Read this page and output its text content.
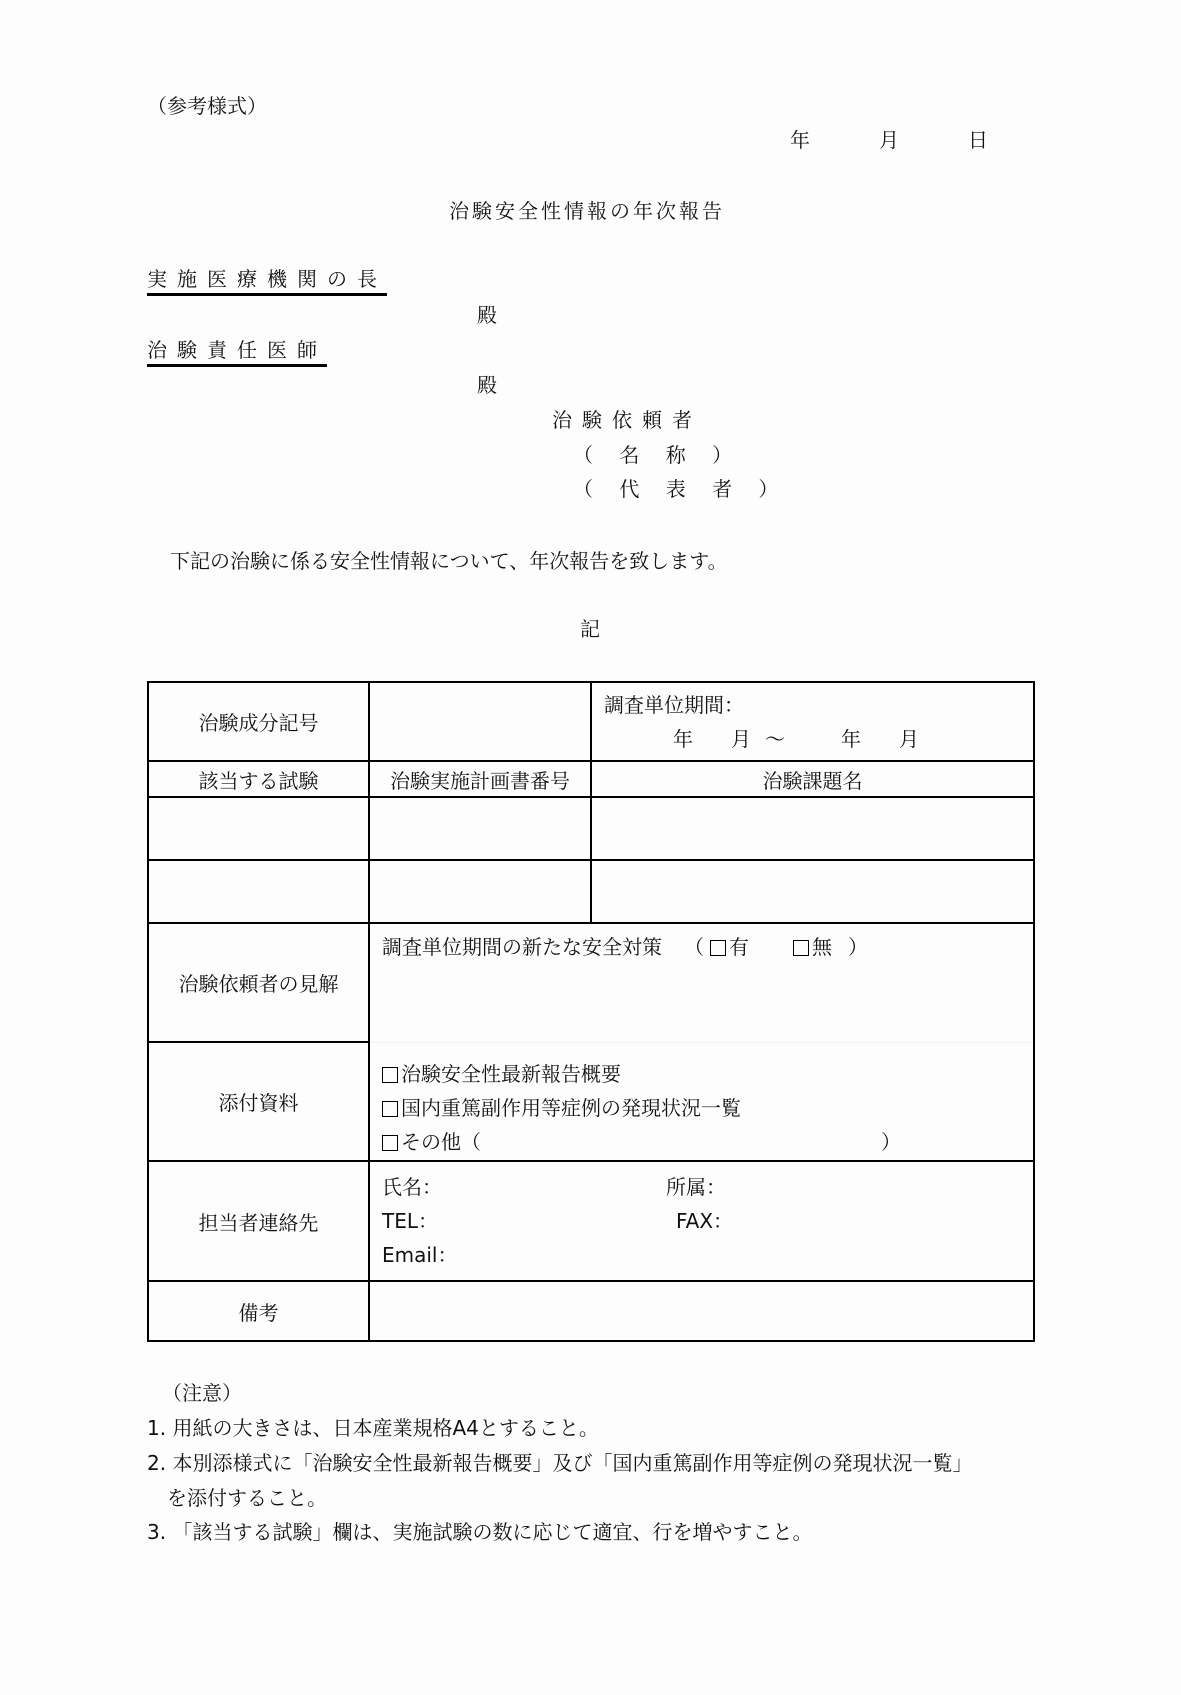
（参考様式）
年	月	日
治験安全性情報の年次報告
実施医療機関の長
殿
治験責任医師
殿
治験依頼者
（ 名 称 ）
（ 代 表 者 ）
下記の治験に係る安全性情報について、年次報告を致します。
記
治験成分記号		調査単位期間：
年 月 ～ 年 月

該当する試験	治験実施計画書番号	治験課題名

治験依頼者の見解	調査単位期間の新たな安全対策 （ 有 無 ）	

添付資料	治験安全性最新報告概要
国内重篤副作用等症例の発現状況一覧
その他（ ）	

担当者連絡先	氏名： 所属：
TEL： FAX：
Email：	

備考		
（注意）
1. 用紙の大きさは、日本産業規格A4とすること。
2. 本別添様式に「治験安全性最新報告概要」及び「国内重篤副作用等症例の発現状況一覧」
　を添付すること。
3. 「該当する試験」欄は、実施試験の数に応じて適宜、行を増やすこと。
